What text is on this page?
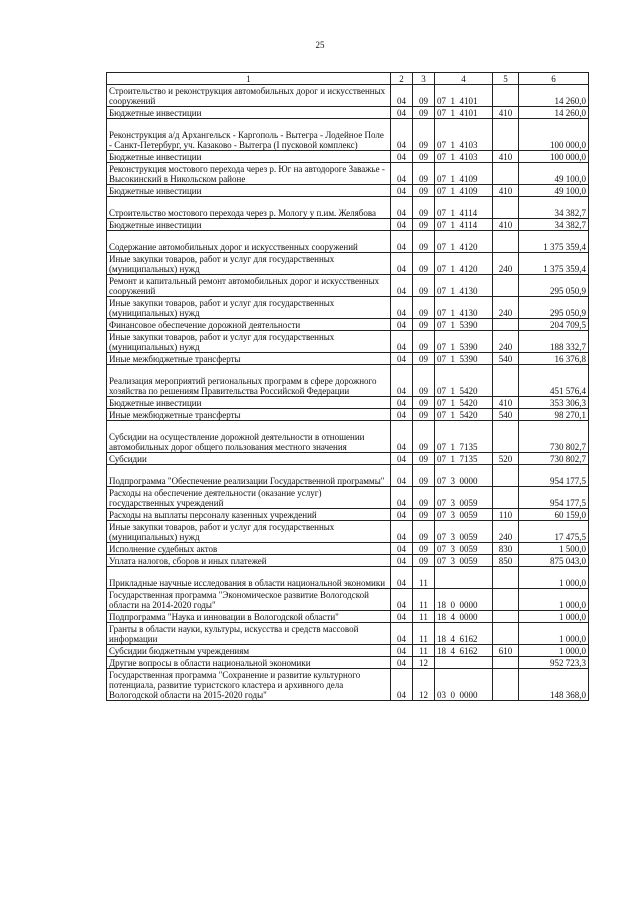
25
1	2	3	4	5	6
Строительство и реконструкция автомобильных дорог и искусственных сооружений	04	09	07  1  4101		14 260,0
Бюджетные инвестиции	04	09	07  1  4101	410	14 260,0
Реконструкция а/д Архангельск - Каргополь - Вытегра - Лодейное Поле - Санкт-Петербург, уч. Казаково - Вытегра (I пусковой комплекс)	04	09	07  1  4103		100 000,0
Бюджетные инвестиции	04	09	07  1  4103	410	100 000,0
Реконструкция мостового перехода через р. Юг на автодороге Заважье - Высокинский в Никольском районе	04	09	07  1  4109		49 100,0
Бюджетные инвестиции	04	09	07  1  4109	410	49 100,0
Строительство мостового перехода через р. Мологу у п.им. Желябова	04	09	07  1  4114		34 382,7
Бюджетные инвестиции	04	09	07  1  4114	410	34 382,7
Содержание автомобильных дорог и искусственных сооружений	04	09	07  1  4120		1 375 359,4
Иные закупки товаров, работ и услуг для государственных (муниципальных) нужд	04	09	07  1  4120	240	1 375 359,4
Ремонт и капитальный ремонт автомобильных дорог и искусственных сооружений	04	09	07  1  4130		295 050,9
Иные закупки товаров, работ и услуг для государственных (муниципальных) нужд	04	09	07  1  4130	240	295 050,9
Финансовое обеспечение дорожной деятельности	04	09	07  1  5390		204 709,5
Иные закупки товаров, работ и услуг для государственных (муниципальных) нужд	04	09	07  1  5390	240	188 332,7
Иные межбюджетные трансферты	04	09	07  1  5390	540	16 376,8
Реализация мероприятий региональных программ в сфере дорожного хозяйства по решениям Правительства Российской Федерации	04	09	07  1  5420		451 576,4
Бюджетные инвестиции	04	09	07  1  5420	410	353 306,3
Иные межбюджетные трансферты	04	09	07  1  5420	540	98 270,1
Субсидии на осуществление дорожной деятельности в отношении автомобильных дорог общего пользования местного значения	04	09	07  1  7135		730 802,7
Субсидии	04	09	07  1  7135	520	730 802,7
Подпрограмма "Обеспечение реализации Государственной программы"	04	09	07  3  0000		954 177,5
Расходы на обеспечение деятельности (оказание услуг) государственных учреждений	04	09	07  3  0059		954 177,5
Расходы на выплаты персоналу казенных учреждений	04	09	07  3  0059	110	60 159,0
Иные закупки товаров, работ и услуг для государственных (муниципальных) нужд	04	09	07  3  0059	240	17 475,5
Исполнение судебных актов	04	09	07  3  0059	830	1 500,0
Уплата налогов, сборов и иных платежей	04	09	07  3  0059	850	875 043,0
Прикладные научные исследования в области национальной экономики	04	11			1 000,0
Государственная программа "Экономическое развитие Вологодской области на 2014-2020 годы"	04	11	18  0  0000		1 000,0
Подпрограмма "Наука и инновации в Вологодской области"	04	11	18  4  0000		1 000,0
Гранты в области науки, культуры, искусства и средств массовой информации	04	11	18  4  6162		1 000,0
Субсидии бюджетным учреждениям	04	11	18  4  6162	610	1 000,0
Другие вопросы в области национальной экономики	04	12			952 723,3
Государственная программа "Сохранение и развитие культурного потенциала, развитие туристского кластера и архивного дела Вологодской области на 2015-2020 годы"	04	12	03  0  0000		148 368,0
